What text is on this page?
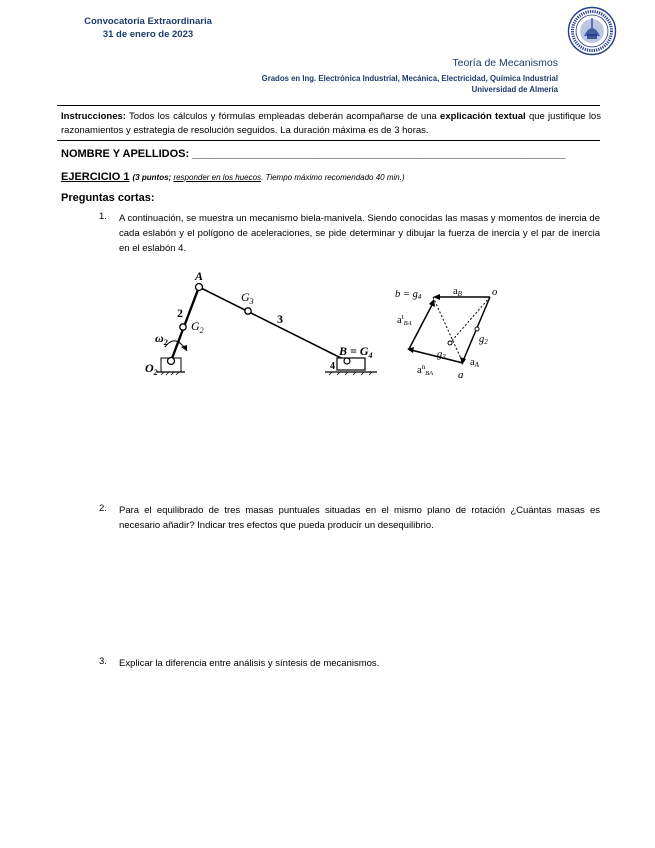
Convocatoria Extraordinaria
31 de enero de 2023
Teoría de Mecanismos
Grados en Ing. Electrónica Industrial, Mecánica, Electricidad, Química Industrial
Universidad de Almería
Instrucciones: Todos los cálculos y fórmulas empleadas deberán acompañarse de una explicación textual que justifique los razonamientos y estrategia de resolución seguidos. La duración máxima es de 3 horas.
NOMBRE Y APELLIDOS: _____________________________________________________________
EJERCICIO 1 (3 puntos; responder en los huecos. Tiempo máximo recomendado 40 min.)
Preguntas cortas:
1. A continuación, se muestra un mecanismo biela-manivela. Siendo conocidas las masas y momentos de inercia de cada eslabón y el polígono de aceleraciones, se pide determinar y dibujar la fuerza de inercia y el par de inercia en el eslabón 4.
A
$G_3$
3
2
$G_2$
$\omega_2$
$O_2$
$B = G_4$
4
b = g4	aB	o
$a^t_{BA}$
g3
g2
aA
$a^n_{BA}$ a
2. Para el equilibrado de tres masas puntuales situadas en el mismo plano de rotación ¿Cuántas masas es necesario añadir? Indicar tres efectos que pueda producir un desequilibrio.
3. Explicar la diferencia entre análisis y síntesis de mecanismos.
